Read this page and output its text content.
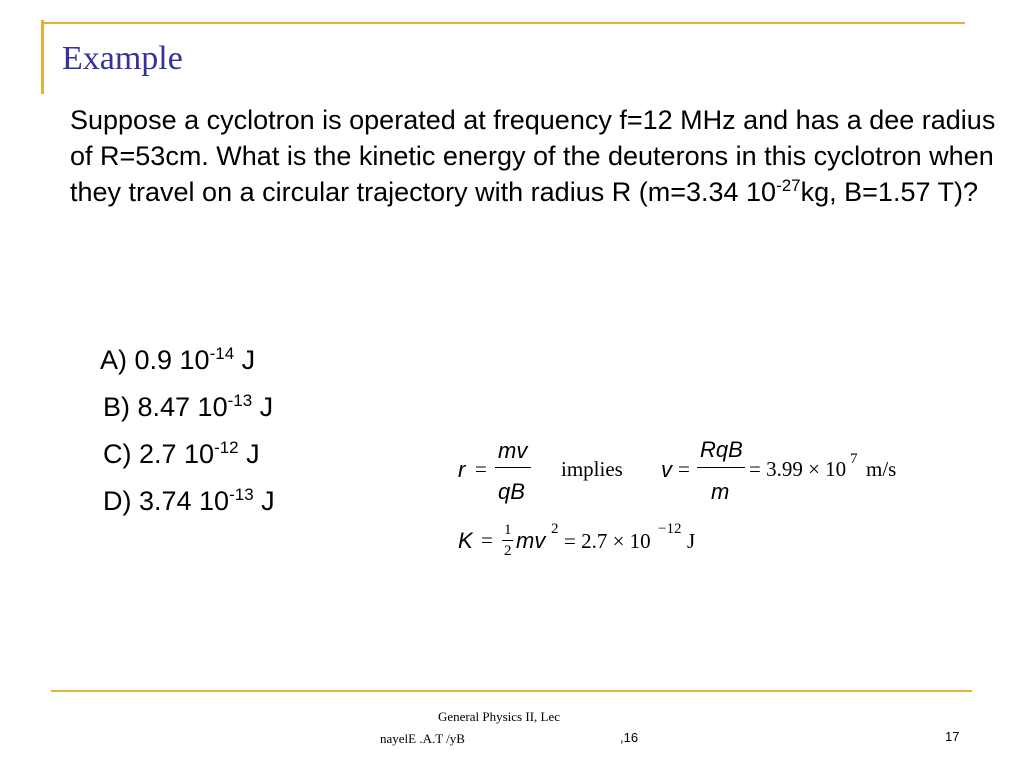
Example
Suppose a cyclotron is operated at frequency f=12 MHz and has a dee radius of R=53cm. What is the kinetic energy of the deuterons in this cyclotron when they travel on a circular trajectory with radius R (m=3.34 $10^{-27}kg$, B=1.57 T)?
A) 0.9 $10^{-14}$ J
B) 8.47 $10^{-13}$ J
C) 2.7 $10^{-12}$ J
D) 3.74 $10^{-13}$ J
r =
mv
qB
implies v =
RqB
m
= 3.99 × 10 7 m/s
K = 1
2 mv 2 = 2.7 × 10 −12 J
General Physics II, Lec
nayelE .A.T /yB	,16	17
